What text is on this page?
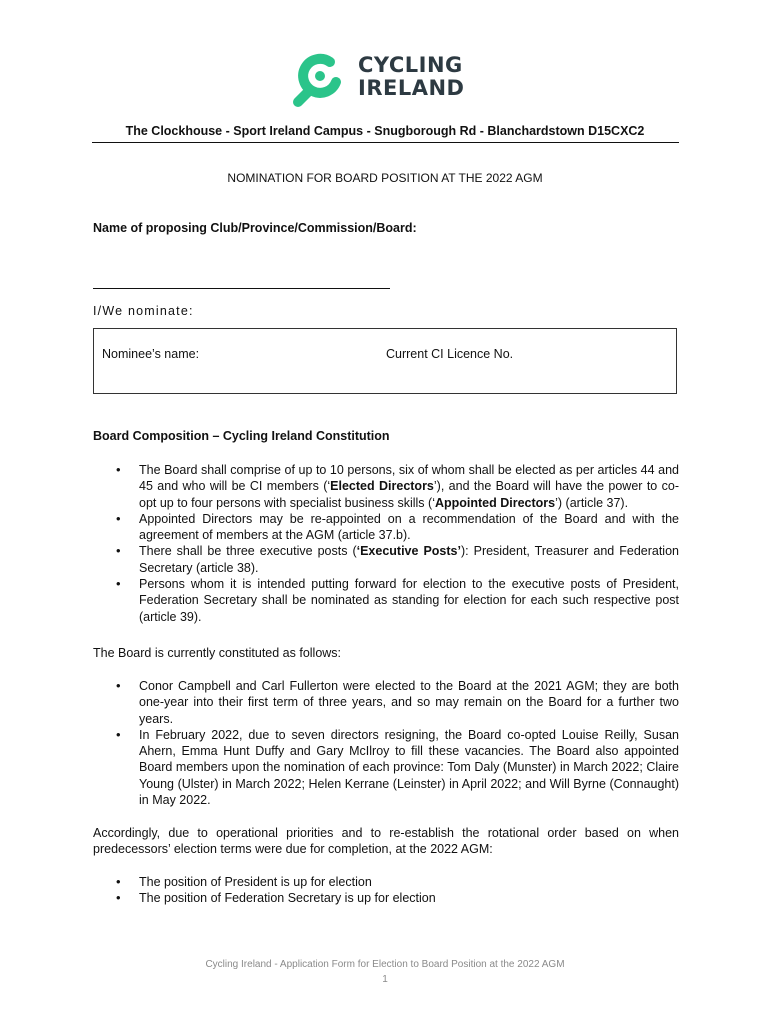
CYCLING
IRELAND
The Clockhouse - Sport Ireland Campus - Snugborough Rd - Blanchardstown D15CXC2
NOMINATION FOR BOARD POSITION AT THE 2022 AGM
Name of proposing Club/Province/Commission/Board:
I/We nominate:
Nominee’s name:	Current CI Licence No.
Board Composition – Cycling Ireland Constitution
• The Board shall comprise of up to 10 persons, six of whom shall be elected as per articles 44 and 45 and who will be CI members (‘Elected Directors’), and the Board will have the power to co-opt up to four persons with specialist business skills (‘Appointed Directors’) (article 37).
• Appointed Directors may be re-appointed on a recommendation of the Board and with the agreement of members at the AGM (article 37.b).
• There shall be three executive posts (‘Executive Posts’): President, Treasurer and Federation Secretary (article 38).
• Persons whom it is intended putting forward for election to the executive posts of President, Federation Secretary shall be nominated as standing for election for each such respective post (article 39).
The Board is currently constituted as follows:
• Conor Campbell and Carl Fullerton were elected to the Board at the 2021 AGM; they are both one-year into their first term of three years, and so may remain on the Board for a further two years.
• In February 2022, due to seven directors resigning, the Board co-opted Louise Reilly, Susan Ahern, Emma Hunt Duffy and Gary McIlroy to fill these vacancies. The Board also appointed Board members upon the nomination of each province: Tom Daly (Munster) in March 2022; Claire Young (Ulster) in March 2022; Helen Kerrane (Leinster) in April 2022; and Will Byrne (Connaught) in May 2022.
Accordingly, due to operational priorities and to re-establish the rotational order based on when predecessors’ election terms were due for completion, at the 2022 AGM:
• The position of President is up for election
• The position of Federation Secretary is up for election
Cycling Ireland - Application Form for Election to Board Position at the 2022 AGM
1
